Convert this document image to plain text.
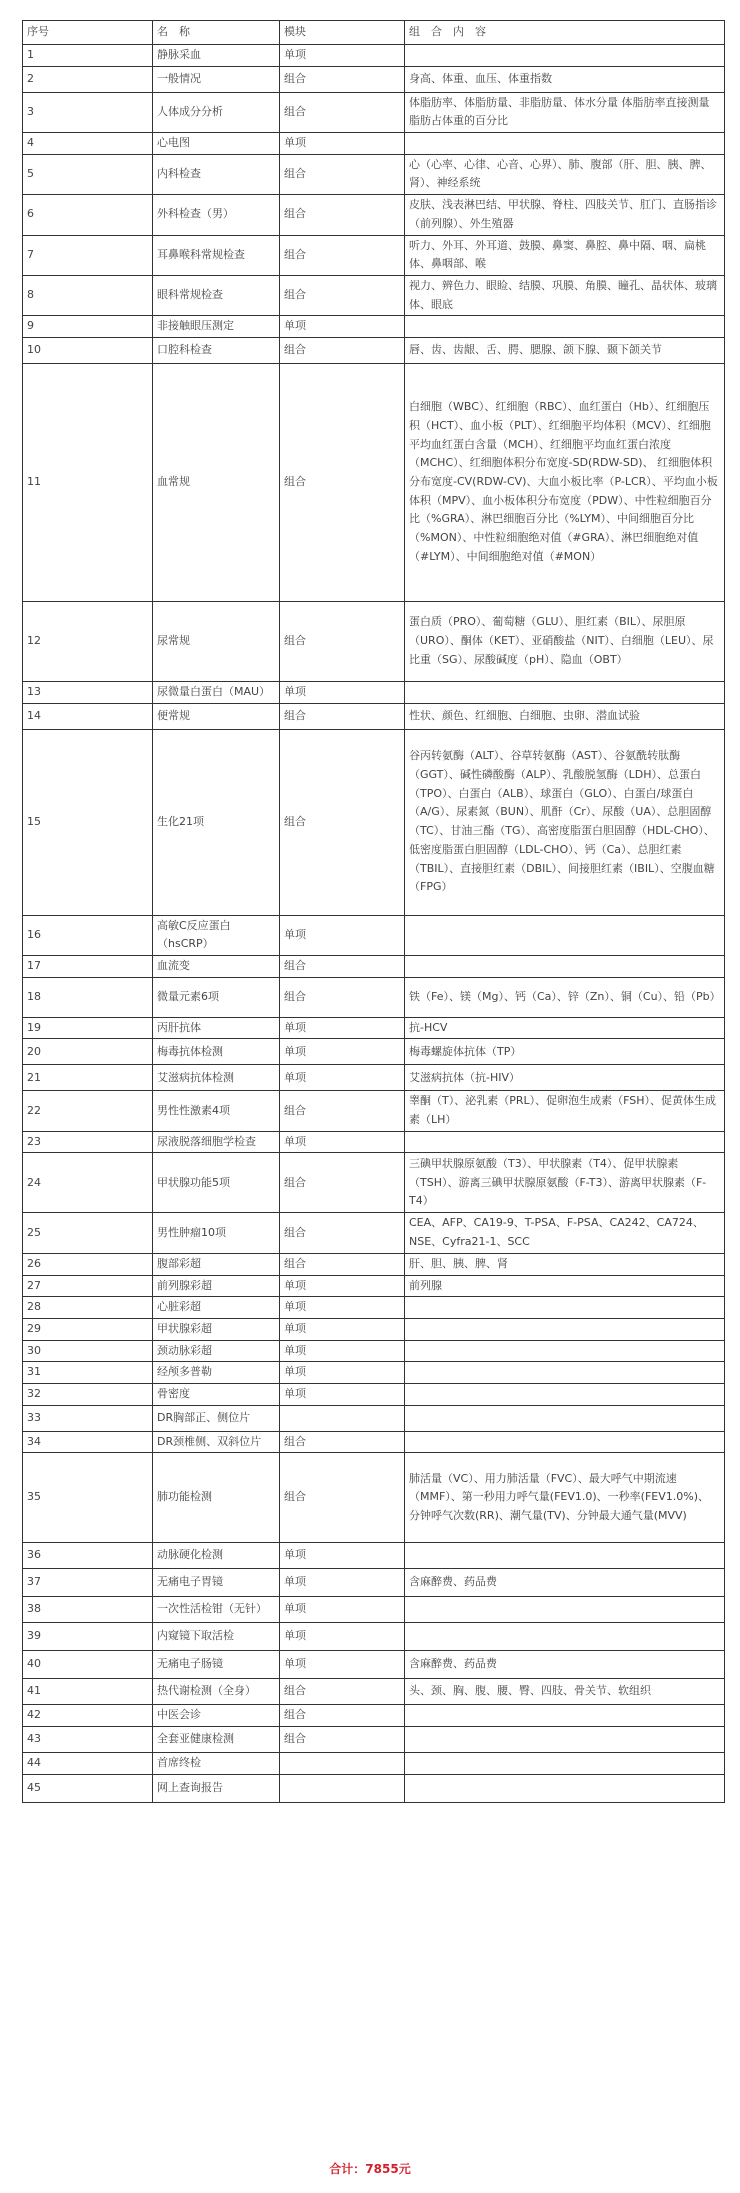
序号	名　称	模块	组　合　内　容
1	静脉采血	单项	
2	一般情况	组合	身高、体重、血压、体重指数
3	人体成分分析	组合	体脂肪率、体脂肪量、非脂肪量、体水分量 体脂肪率直接测量脂肪占体重的百分比
4	心电图	单项	
5	内科检查	组合	心（心率、心律、心音、心界）、肺、腹部（肝、胆、胰、脾、肾）、神经系统
6	外科检查（男）	组合	皮肤、浅表淋巴结、甲状腺、脊柱、四肢关节、肛门、直肠指诊（前列腺）、外生殖器
7	耳鼻喉科常规检查	组合	听力、外耳、外耳道、鼓膜、鼻窦、鼻腔、鼻中隔、咽、扁桃体、鼻咽部、喉
8	眼科常规检查	组合	视力、辨色力、眼睑、结膜、巩膜、角膜、瞳孔、晶状体、玻璃体、眼底
9	非接触眼压测定	单项	
10	口腔科检查	组合	唇、齿、齿龈、舌、腭、腮腺、颌下腺、颞下颌关节
11	血常规	组合	白细胞（WBC）、红细胞（RBC）、血红蛋白（Hb）、红细胞压积（HCT）、血小板（PLT）、红细胞平均体积（MCV）、红细胞平均血红蛋白含量（MCH）、红细胞平均血红蛋白浓度（MCHC）、红细胞体积分布宽度-SD(RDW-SD)、 红细胞体积分布宽度-CV(RDW-CV)、大血小板比率（P-LCR）、平均血小板体积（MPV）、血小板体积分布宽度（PDW）、中性粒细胞百分比（%GRA）、淋巴细胞百分比（%LYM）、中间细胞百分比（%MON）、中性粒细胞绝对值（#GRA）、淋巴细胞绝对值（#LYM）、中间细胞绝对值（#MON）
12	尿常规	组合	蛋白质（PRO）、葡萄糖（GLU）、胆红素（BIL）、尿胆原（URO）、酮体（KET）、亚硝酸盐（NIT）、白细胞（LEU）、尿比重（SG）、尿酸碱度（pH）、隐血（OBT）
13	尿微量白蛋白（MAU）	单项	
14	便常规	组合	性状、颜色、红细胞、白细胞、虫卵、潜血试验
15	生化21项	组合	谷丙转氨酶（ALT）、谷草转氨酶（AST）、谷氨酰转肽酶（GGT）、碱性磷酸酶（ALP）、乳酸脱氢酶（LDH）、总蛋白（TPO）、白蛋白（ALB）、球蛋白（GLO）、白蛋白/球蛋白（A/G）、尿素氮（BUN）、肌酐（Cr）、尿酸（UA）、总胆固醇（TC）、甘油三酯（TG）、高密度脂蛋白胆固醇（HDL-CHO）、低密度脂蛋白胆固醇（LDL-CHO）、钙（Ca）、总胆红素（TBIL）、直接胆红素（DBIL）、间接胆红素（IBIL）、空腹血糖（FPG）
16	高敏C反应蛋白（hsCRP）	单项	
17	血流变	组合	
18	微量元素6项	组合	铁（Fe）、镁（Mg）、钙（Ca）、锌（Zn）、铜（Cu）、铅（Pb）
19	丙肝抗体	单项	抗-HCV
20	梅毒抗体检测	单项	梅毒螺旋体抗体（TP）
21	艾滋病抗体检测	单项	艾滋病抗体（抗-HIV）
22	男性性激素4项	组合	睾酮（T）、泌乳素（PRL）、促卵泡生成素（FSH）、促黄体生成素（LH）
23	尿液脱落细胞学检查	单项	
24	甲状腺功能5项	组合	三碘甲状腺原氨酸（T3）、甲状腺素（T4）、促甲状腺素（TSH）、游离三碘甲状腺原氨酸（F-T3）、游离甲状腺素（F-T4）
25	男性肿瘤10项	组合	CEA、AFP、CA19-9、T-PSA、F-PSA、CA242、CA724、NSE、Cyfra21-1、SCC
26	腹部彩超	组合	肝、胆、胰、脾、肾
27	前列腺彩超	单项	前列腺
28	心脏彩超	单项	
29	甲状腺彩超	单项	
30	颈动脉彩超	单项	
31	经颅多普勒	单项	
32	骨密度	单项	
33	DR胸部正、侧位片		
34	DR颈椎侧、双斜位片	组合	
35	肺功能检测	组合	肺活量（VC）、用力肺活量（FVC）、最大呼气中期流速（MMF）、第一秒用力呼气量(FEV1.0)、一秒率(FEV1.0%)、分钟呼气次数(RR)、潮气量(TV)、分钟最大通气量(MVV)
36	动脉硬化检测	单项	
37	无痛电子胃镜	单项	含麻醉费、药品费
38	一次性活检钳（无针）	单项	
39	内窥镜下取活检	单项	
40	无痛电子肠镜	单项	含麻醉费、药品费
41	热代谢检测（全身）	组合	头、颈、胸、腹、腰、臀、四肢、骨关节、软组织
42	中医会诊	组合	
43	全套亚健康检测	组合	
44	首席终检		
45	网上查询报告		
合计：7855元
